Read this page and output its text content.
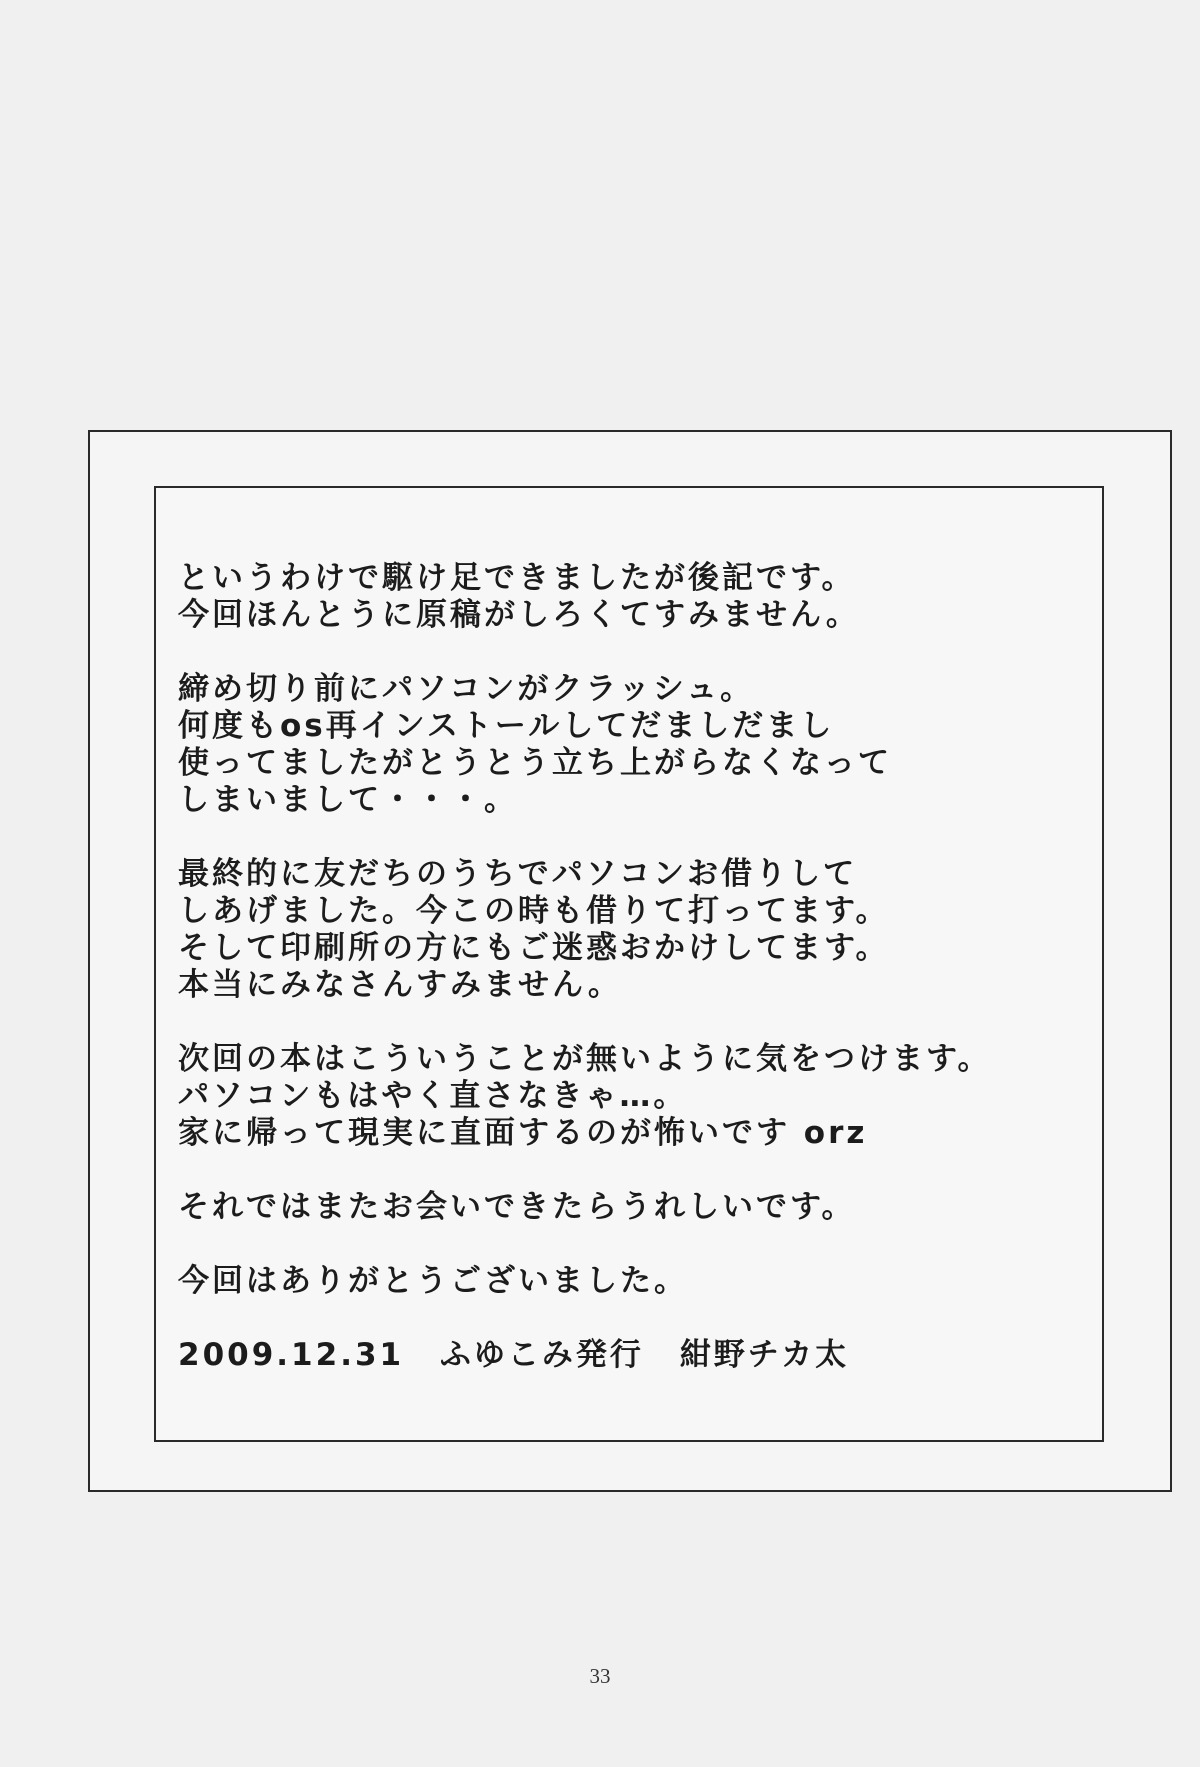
というわけで駆け足できましたが後記です。
今回ほんとうに原稿がしろくてすみません。
締め切り前にパソコンがクラッシュ。
何度もos再インストールしてだましだまし
使ってましたがとうとう立ち上がらなくなって
しまいまして・・・。
最終的に友だちのうちでパソコンお借りして
しあげました。今この時も借りて打ってます。
そして印刷所の方にもご迷惑おかけしてます。
本当にみなさんすみません。
次回の本はこういうことが無いように気をつけます。
パソコンもはやく直さなきゃ…。
家に帰って現実に直面するのが怖いです orz
それではまたお会いできたらうれしいです。
今回はありがとうございました。
2009.12.31 ふゆこみ発行 紺野チカ太
33
